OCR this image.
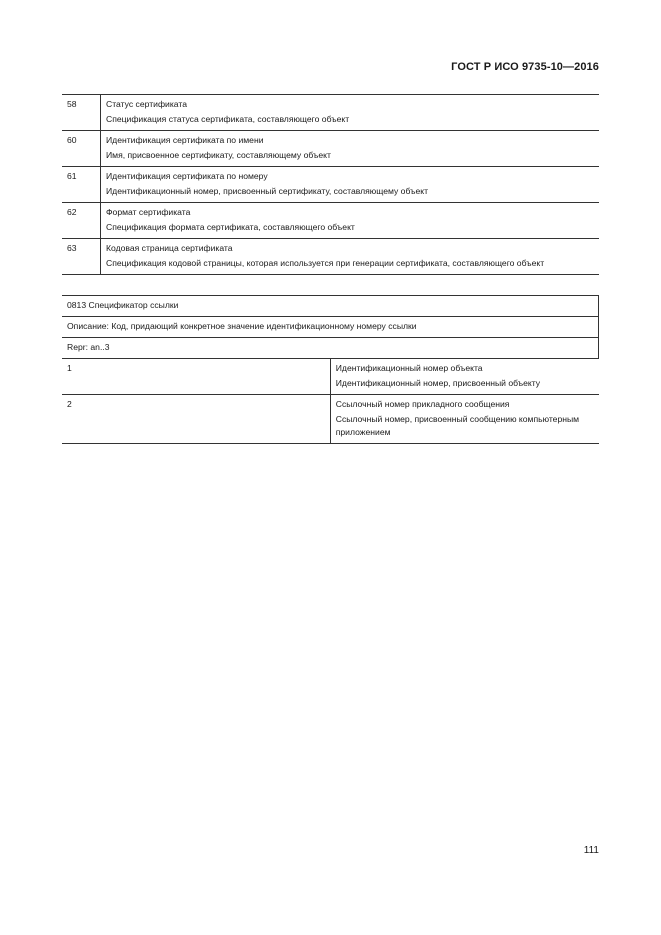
ГОСТ Р ИСО 9735-10—2016
58	Статус сертификата
Спецификация статуса сертификата, составляющего объект

60	Идентификация сертификата по имени
Имя, присвоенное сертификату, составляющему объект

61	Идентификация сертификата по номеру
Идентификационный номер, присвоенный сертификату, составляющему объект

62	Формат сертификата
Спецификация формата сертификата, составляющего объект

63	Кодовая страница сертификата
Спецификация кодовой страницы, которая используется при генерации сертификата, составляющего объект
0813 Спецификатор ссылки	
Описание: Код, придающий конкретное значение идентификационному номеру ссылки	
Repr: an..3	
1	Идентификационный номер объекта
Идентификационный номер, присвоенный объекту

2	Ссылочный номер прикладного сообщения
Ссылочный номер, присвоенный сообщению компьютерным приложением
111
